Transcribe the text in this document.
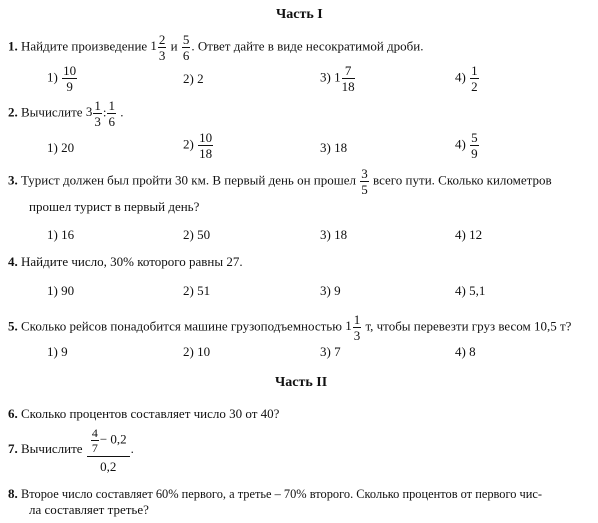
Часть I
1. Найдите произведение $1 \frac{2}{3}$ и $\frac{5}{6}$ . Ответ дайте в виде несократимой дроби.
$1) \frac{10}{9}$	2) 2	3) $1 \frac{7}{18}$	$4) \frac{1}{2}$
2. Вычислите $3 \frac{1}{3}$ : $\frac{1}{6}$ .
1) 20	$2) \frac{10}{18}$	3) 18	$4) \frac{5}{9}$
3. Турист должен был пройти 30 км. В первый день он прошел $\frac{3}{5}$ всего пути. Сколько километров
прошел турист в первый день?
1) 16	2) 50	3) 18	4) 12
4. Найдите число, 30% которого равны 27.
1) 90	2) 51	3) 9	4) 5,1
5. Сколько рейсов понадобится машине грузоподъемностью $1 \frac{1}{3} т$, чтобы перевезти груз весом 10,5 т?
1) 9	2) 10	3) 7	4) 8
Часть II
6. Сколько процентов составляет число 30 от 40?
7. Вычислите $\frac{\frac{4}{7} - 0,2}{0,2}$ .
8. Второе число составляет 60% первого, а третье – 70% второго. Сколько процентов от первого чис-
ла составляет третье?
